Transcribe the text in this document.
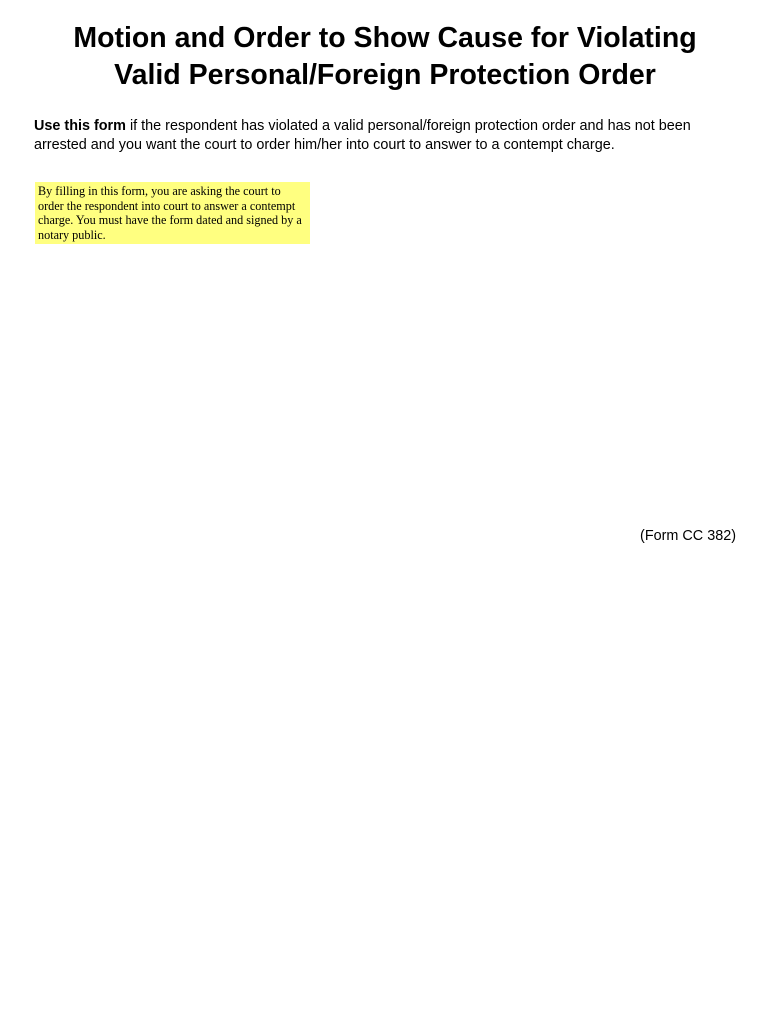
Motion and Order to Show Cause for Violating
Valid Personal/Foreign Protection Order

Use this form if the respondent has violated a valid personal/foreign protection order and has not been arrested and you want the court to order him/her into court to answer to a contempt charge.

By filling in this form, you are asking the court to order the respondent into court to answer a contempt charge. You must have the form dated and signed by a notary public.

(Form CC 382)
